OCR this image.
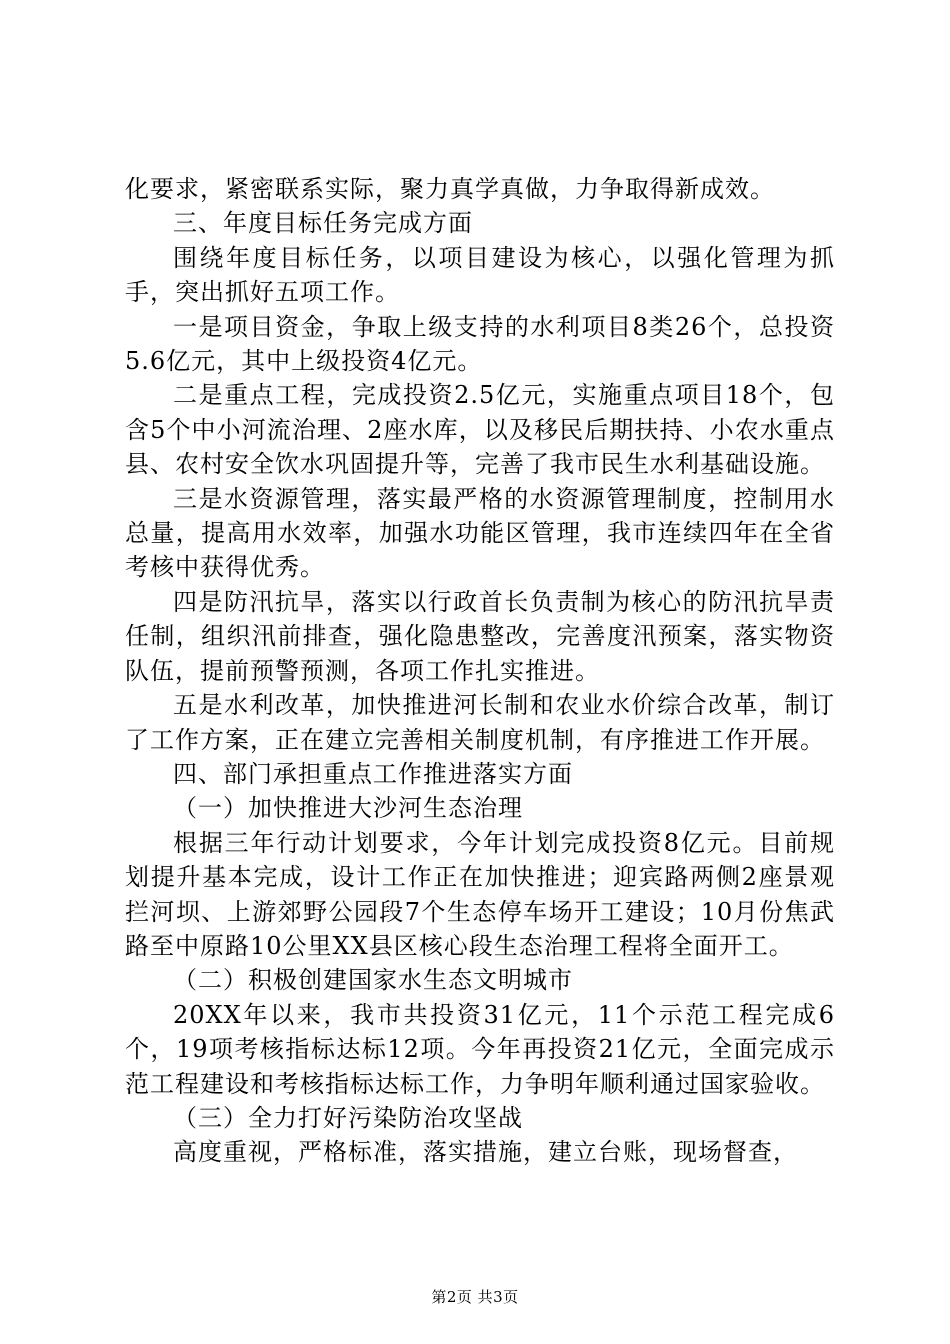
化要求，紧密联系实际，聚力真学真做，力争取得新成效。

三、年度目标任务完成方面

围绕年度目标任务，以项目建设为核心，以强化管理为抓手，突出抓好五项工作。

一是项目资金，争取上级支持的水利项目8类26个，总投资5.6亿元，其中上级投资4亿元。

二是重点工程，完成投资2.5亿元，实施重点项目18个，包含5个中小河流治理、2座水库，以及移民后期扶持、小农水重点县、农村安全饮水巩固提升等，完善了我市民生水利基础设施。

三是水资源管理，落实最严格的水资源管理制度，控制用水总量，提高用水效率，加强水功能区管理，我市连续四年在全省考核中获得优秀。

四是防汛抗旱，落实以行政首长负责制为核心的防汛抗旱责任制，组织汛前排查，强化隐患整改，完善度汛预案，落实物资队伍，提前预警预测，各项工作扎实推进。

五是水利改革，加快推进河长制和农业水价综合改革，制订了工作方案，正在建立完善相关制度机制，有序推进工作开展。

四、部门承担重点工作推进落实方面

（一）加快推进大沙河生态治理

根据三年行动计划要求，今年计划完成投资8亿元。目前规划提升基本完成，设计工作正在加快推进；迎宾路两侧2座景观拦河坝、上游郊野公园段7个生态停车场开工建设；10月份焦武路至中原路10公里XX县区核心段生态治理工程将全面开工。

（二）积极创建国家水生态文明城市

20XX年以来，我市共投资31亿元，11个示范工程完成6个，19项考核指标达标12项。今年再投资21亿元，全面完成示范工程建设和考核指标达标工作，力争明年顺利通过国家验收。

（三）全力打好污染防治攻坚战

高度重视，严格标准，落实措施，建立台账，现场督查，

第2页 共3页
